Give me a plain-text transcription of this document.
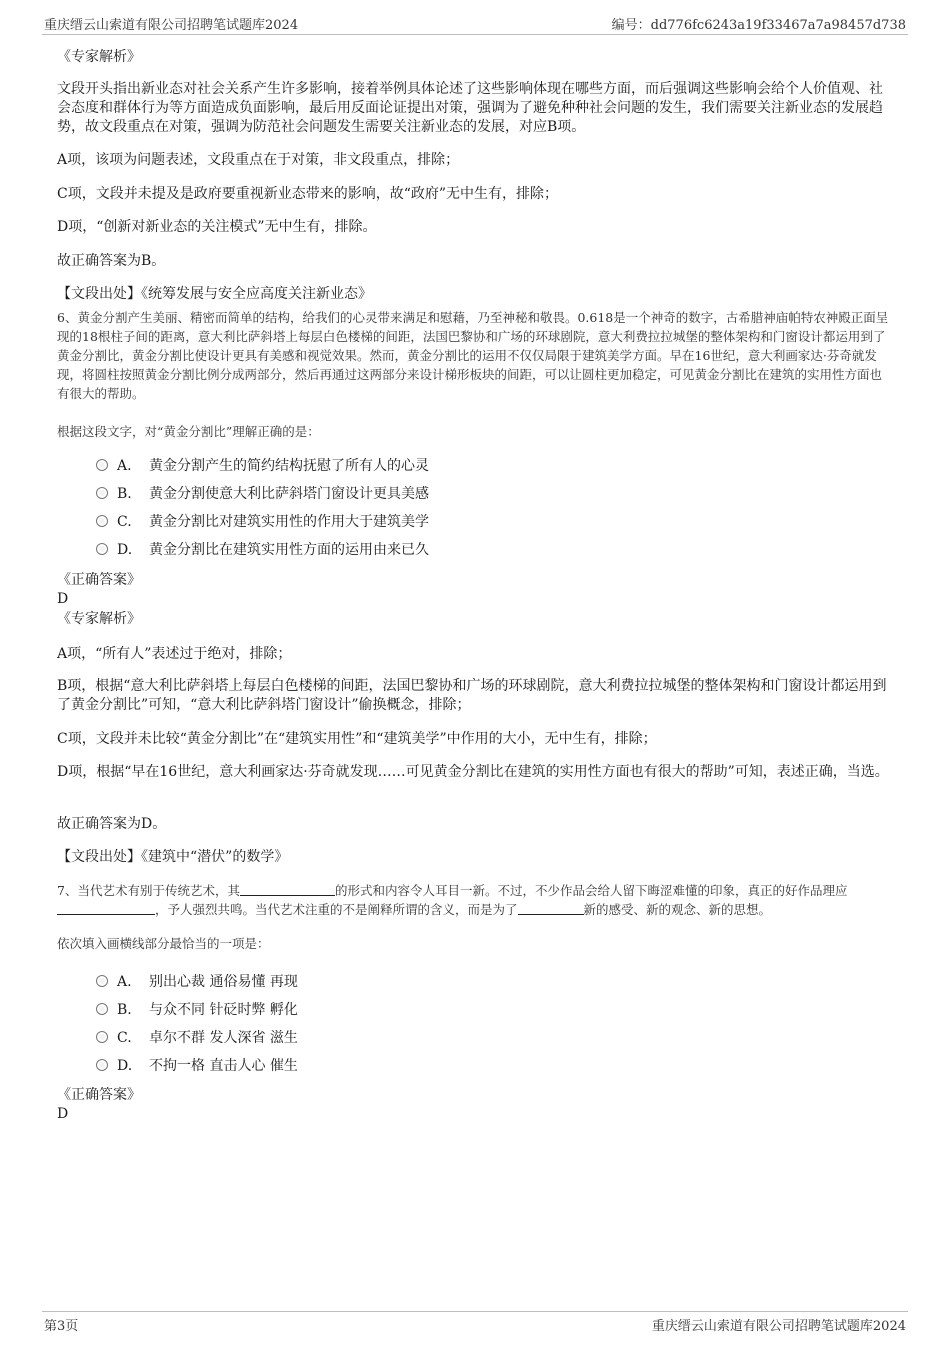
重庆缙云山索道有限公司招聘笔试题库2024	编号：dd776fc6243a19f33467a7a98457d738
《专家解析》
文段开头指出新业态对社会关系产生许多影响，接着举例具体论述了这些影响体现在哪些方面，而后强调这些影响会给个人价值观、社会态度和群体行为等方面造成负面影响，最后用反面论证提出对策，强调为了避免种种社会问题的发生，我们需要关注新业态的发展趋势，故文段重点在对策，强调为防范社会问题发生需要关注新业态的发展，对应B项。
A项，该项为问题表述，文段重点在于对策，非文段重点，排除；
C项，文段并未提及是政府要重视新业态带来的影响，故“政府”无中生有，排除；
D项，“创新对新业态的关注模式”无中生有，排除。
故正确答案为B。
【文段出处】《统筹发展与安全应高度关注新业态》
6、黄金分割产生美丽、精密而简单的结构，给我们的心灵带来满足和慰藉，乃至神秘和敬畏。0.618是一个神奇的数字，古希腊神庙帕特农神殿正面呈现的18根柱子间的距离，意大利比萨斜塔上每层白色楼梯的间距，法国巴黎协和广场的环球剧院，意大利费拉拉城堡的整体架构和门窗设计都运用到了黄金分割比，黄金分割比使设计更具有美感和视觉效果。然而，黄金分割比的运用不仅仅局限于建筑美学方面。早在16世纪，意大利画家达·芬奇就发现，将圆柱按照黄金分割比例分成两部分，然后再通过这两部分来设计梯形板块的间距，可以让圆柱更加稳定，可见黄金分割比在建筑的实用性方面也有很大的帮助。
根据这段文字，对“黄金分割比”理解正确的是：
A. 黄金分割产生的简约结构抚慰了所有人的心灵
B. 黄金分割使意大利比萨斜塔门窗设计更具美感
C. 黄金分割比对建筑实用性的作用大于建筑美学
D. 黄金分割比在建筑实用性方面的运用由来已久
《正确答案》
D
《专家解析》
A项，“所有人”表述过于绝对，排除；
B项，根据“意大利比萨斜塔上每层白色楼梯的间距，法国巴黎协和广场的环球剧院，意大利费拉拉城堡的整体架构和门窗设计都运用到了黄金分割比”可知，“意大利比萨斜塔门窗设计”偷换概念，排除；
C项，文段并未比较“黄金分割比”在“建筑实用性”和“建筑美学”中作用的大小，无中生有，排除；
D项，根据“早在16世纪，意大利画家达·芬奇就发现……可见黄金分割比在建筑的实用性方面也有很大的帮助”可知，表述正确，当选。
故正确答案为D。
【文段出处】《建筑中“潜伏”的数学》
7、当代艺术有别于传统艺术，其	的形式和内容令人耳目一新。不过，不少作品会给人留下晦涩难懂的印象，真正的好作品理应，予人强烈共鸣。当代艺术注重的不是阐释所谓的含义，而是为了	新的感受、新的观念、新的思想。
依次填入画横线部分最恰当的一项是：
A. 别出心裁 通俗易懂 再现
B. 与众不同 针砭时弊 孵化
C. 卓尔不群 发人深省 滋生
D. 不拘一格 直击人心 催生
《正确答案》
D
第3页	重庆缙云山索道有限公司招聘笔试题库2024
